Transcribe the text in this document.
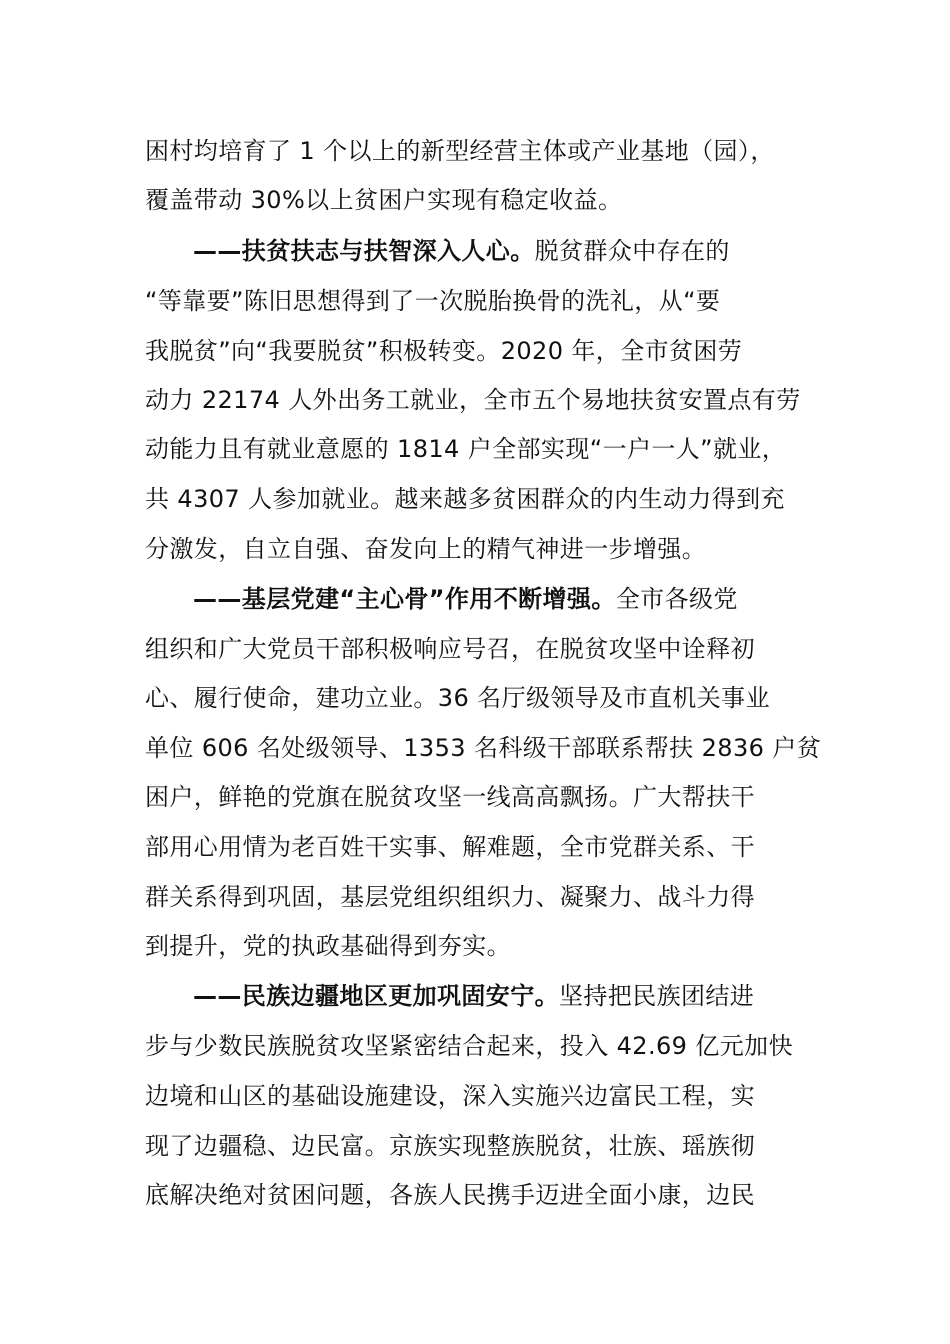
困村均培育了 1 个以上的新型经营主体或产业基地（园），
覆盖带动 30%以上贫困户实现有稳定收益。
——扶贫扶志与扶智深入人心。脱贫群众中存在的
“等靠要”陈旧思想得到了一次脱胎换骨的洗礼，从“要
我脱贫”向“我要脱贫”积极转变。2020 年，全市贫困劳
动力 22174 人外出务工就业，全市五个易地扶贫安置点有劳
动能力且有就业意愿的 1814 户全部实现“一户一人”就业，
共 4307 人参加就业。越来越多贫困群众的内生动力得到充
分激发，自立自强、奋发向上的精气神进一步增强。
——基层党建“主心骨”作用不断增强。全市各级党
组织和广大党员干部积极响应号召，在脱贫攻坚中诠释初
心、履行使命，建功立业。36 名厅级领导及市直机关事业
单位 606 名处级领导、1353 名科级干部联系帮扶 2836 户贫
困户，鲜艳的党旗在脱贫攻坚一线高高飘扬。广大帮扶干
部用心用情为老百姓干实事、解难题，全市党群关系、干
群关系得到巩固，基层党组织组织力、凝聚力、战斗力得
到提升，党的执政基础得到夯实。
——民族边疆地区更加巩固安宁。坚持把民族团结进
步与少数民族脱贫攻坚紧密结合起来，投入 42.69 亿元加快
边境和山区的基础设施建设，深入实施兴边富民工程，实
现了边疆稳、边民富。京族实现整族脱贫，壮族、瑶族彻
底解决绝对贫困问题，各族人民携手迈进全面小康，边民
